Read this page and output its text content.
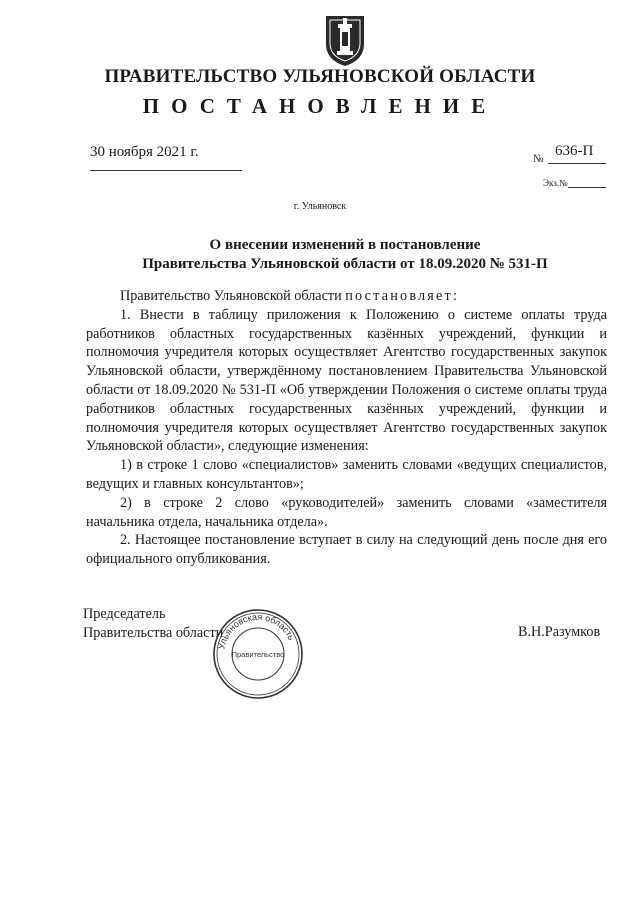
ПРАВИТЕЛЬСТВО УЛЬЯНОВСКОЙ ОБЛАСТИ
ПОСТАНОВЛЕНИЕ
30 ноября 2021 г.	№ 636-П
Экз.№
г. Ульяновск
О внесении изменений в постановление
Правительства Ульяновской области от 18.09.2020 № 531-П

Правительство Ульяновской области постановляет:

1. Внести в таблицу приложения к Положению о системе оплаты труда работников областных государственных казённых учреждений, функции и полномочия учредителя которых осуществляет Агентство государственных закупок Ульяновской области, утверждённому постановлением Правительства Ульяновской области от 18.09.2020 № 531-П «Об утверждении Положения о системе оплаты труда работников областных государственных казённых учреждений, функции и полномочия учредителя которых осуществляет Агентство государственных закупок Ульяновской области», следующие изменения:

1) в строке 1 слово «специалистов» заменить словами «ведущих специалистов, ведущих и главных консультантов»;

2) в строке 2 слово «руководителей» заменить словами «заместителя начальника отдела, начальника отдела».

2. Настоящее постановление вступает в силу на следующий день после дня его официального опубликования.

Председатель
Правительства области	В.Н.Разумков
Ульяновская область
Правительство
